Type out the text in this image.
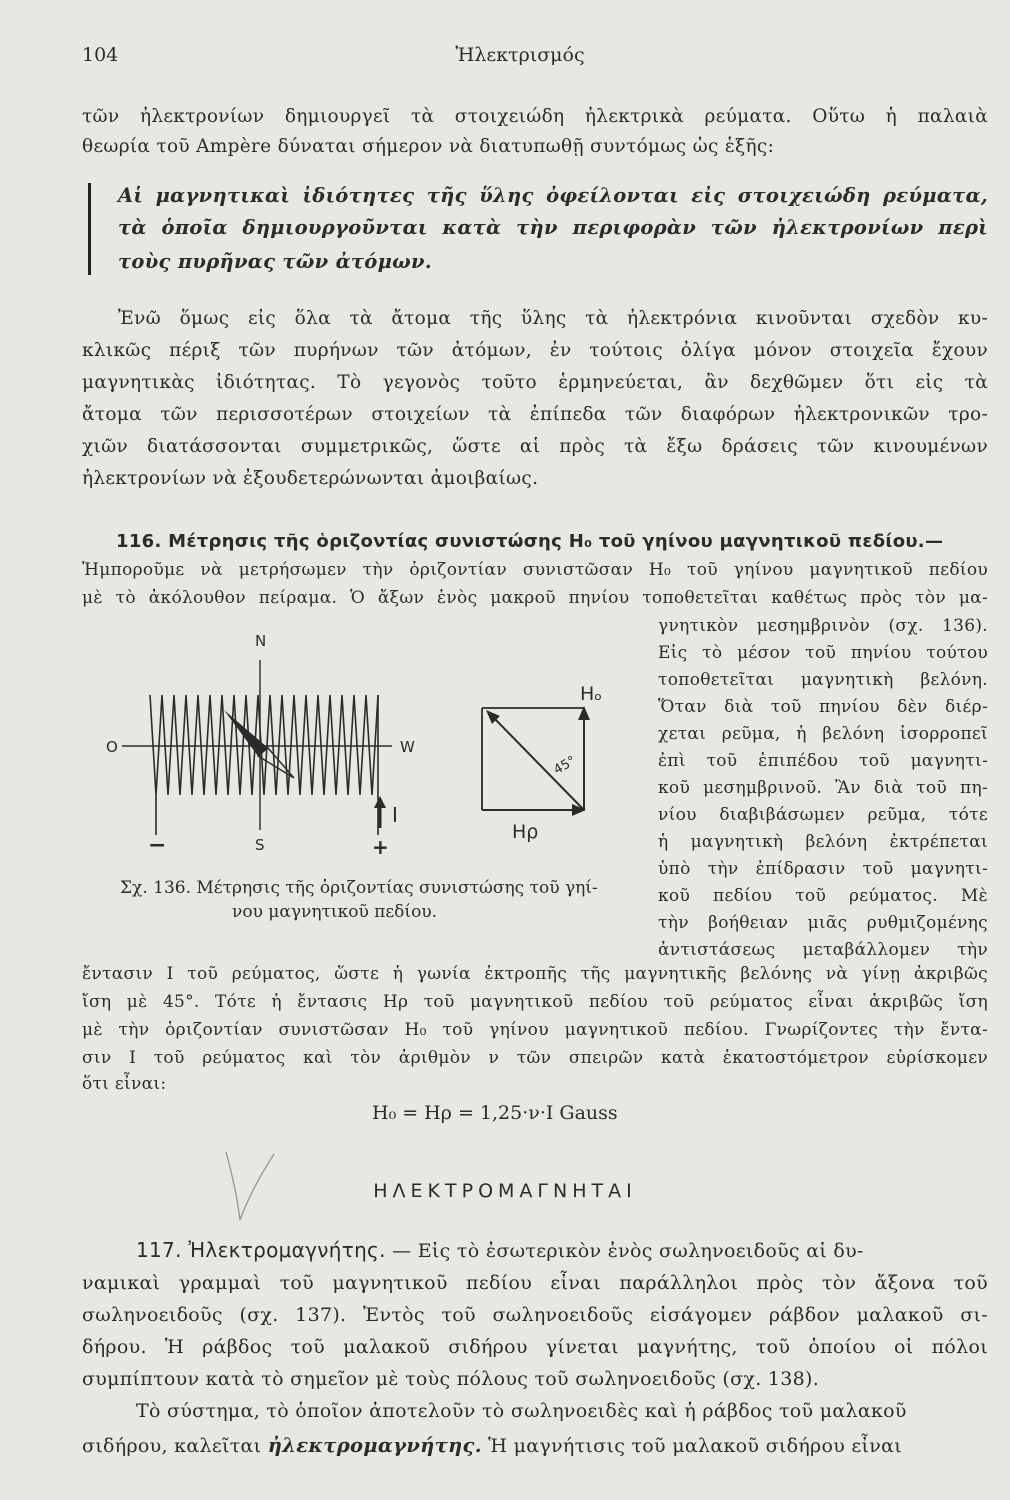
104	Ἠλεκτρισμός
τῶν ἠλεκτρονίων δημιουργεῖ τὰ στοιχειώδη ἠλεκτρικὰ ρεύματα. Οὕτω ἡ παλαιὰ
θεωρία τοῦ Ampère δύναται σήμερον νὰ διατυπωθῇ συντόμως ὡς ἑξῆς:
Αἱ μαγνητικαὶ ἰδιότητες τῆς ὕλης ὀφείλονται εἰς στοιχειώδη ρεύματα,
τὰ ὁποῖα δημιουργοῦνται κατὰ τὴν περιφορὰν τῶν ἠλεκτρονίων περὶ
τοὺς πυρῆνας τῶν ἀτόμων.
Ἐνῶ ὅμως εἰς ὅλα τὰ ἄτομα τῆς ὕλης τὰ ἠλεκτρόνια κινοῦνται σχεδὸν κυ-
κλικῶς πέριξ τῶν πυρήνων τῶν ἀτόμων, ἐν τούτοις ὀλίγα μόνον στοιχεῖα ἔχουν
μαγνητικὰς ἰδιότητας. Τὸ γεγονὸς τοῦτο ἑρμηνεύεται, ἂν δεχθῶμεν ὅτι εἰς τὰ
ἄτομα τῶν περισσοτέρων στοιχείων τὰ ἐπίπεδα τῶν διαφόρων ἠλεκτρονικῶν τρο-
χιῶν διατάσσονται συμμετρικῶς, ὥστε αἱ πρὸς τὰ ἔξω δράσεις τῶν κινουμένων
ἠλεκτρονίων νὰ ἐξουδετερώνωνται ἀμοιβαίως.
116. Μέτρησις τῆς ὁριζοντίας συνιστώσης H₀ τοῦ γηίνου μαγνητικοῦ πεδίου.—
Ἠμποροῦμε νὰ μετρήσωμεν τὴν ὁριζοντίαν συνιστῶσαν H₀ τοῦ γηίνου μαγνητικοῦ πεδίου
μὲ τὸ ἀκόλουθον πείραμα. Ὁ ἄξων ἑνὸς μακροῦ πηνίου τοποθετεῖται καθέτως πρὸς τὸν μα-
γνητικὸν μεσημβρινὸν (σχ. 136).
Εἰς τὸ μέσον τοῦ πηνίου τούτου
τοποθετεῖται μαγνητικὴ βελόνη.
Ὅταν διὰ τοῦ πηνίου δὲν διέρ-
χεται ρεῦμα, ἡ βελόνη ἰσορροπεῖ
ἐπὶ τοῦ ἐπιπέδου τοῦ μαγνητι-
κοῦ μεσημβρινοῦ. Ἂν διὰ τοῦ πη-
νίου διαβιβάσωμεν ρεῦμα, τότε
ἡ μαγνητικὴ βελόνη ἐκτρέπεται
ὑπὸ τὴν ἐπίδρασιν τοῦ μαγνητι-
κοῦ πεδίου τοῦ ρεύματος. Μὲ
τὴν βοήθειαν μιᾶς ρυθμιζομένης
ἀντιστάσεως μεταβάλλομεν τὴν
N
S
O	W
I
−	+
Hₒ
Hρ
45°
Σχ. 136. Μέτρησις τῆς ὁριζοντίας συνιστώσης τοῦ γηί-
νου μαγνητικοῦ πεδίου.
ἔντασιν I τοῦ ρεύματος, ὥστε ἡ γωνία ἐκτροπῆς τῆς μαγνητικῆς βελόνης νὰ γίνῃ ἀκριβῶς
ἴση μὲ 45°. Τότε ἡ ἔντασις Hρ τοῦ μαγνητικοῦ πεδίου τοῦ ρεύματος εἶναι ἀκριβῶς ἴση
μὲ τὴν ὁριζοντίαν συνιστῶσαν H₀ τοῦ γηίνου μαγνητικοῦ πεδίου. Γνωρίζοντες τὴν ἔντα-
σιν I τοῦ ρεύματος καὶ τὸν ἀριθμὸν ν τῶν σπειρῶν κατὰ ἑκατοστόμετρον εὑρίσκομεν
ὅτι εἶναι:
H₀ = Hρ = 1,25·ν·I Gauss
ΗΛΕΚΤΡΟΜΑΓΝΗΤΑΙ
117. Ἠλεκτρομαγνήτης. — Εἰς τὸ ἐσωτερικὸν ἑνὸς σωληνοειδοῦς αἱ δυ-
ναμικαὶ γραμμαὶ τοῦ μαγνητικοῦ πεδίου εἶναι παράλληλοι πρὸς τὸν ἄξονα τοῦ
σωληνοειδοῦς (σχ. 137). Ἐντὸς τοῦ σωληνοειδοῦς εἰσάγομεν ράβδον μαλακοῦ σι-
δήρου. Ἡ ράβδος τοῦ μαλακοῦ σιδήρου γίνεται μαγνήτης, τοῦ ὁποίου οἱ πόλοι
συμπίπτουν κατὰ τὸ σημεῖον μὲ τοὺς πόλους τοῦ σωληνοειδοῦς (σχ. 138).
Τὸ σύστημα, τὸ ὁποῖον ἀποτελοῦν τὸ σωληνοειδὲς καὶ ἡ ράβδος τοῦ μαλακοῦ
σιδήρου, καλεῖται ἠλεκτρομαγνήτης. Ἡ μαγνήτισις τοῦ μαλακοῦ σιδήρου εἶναι
